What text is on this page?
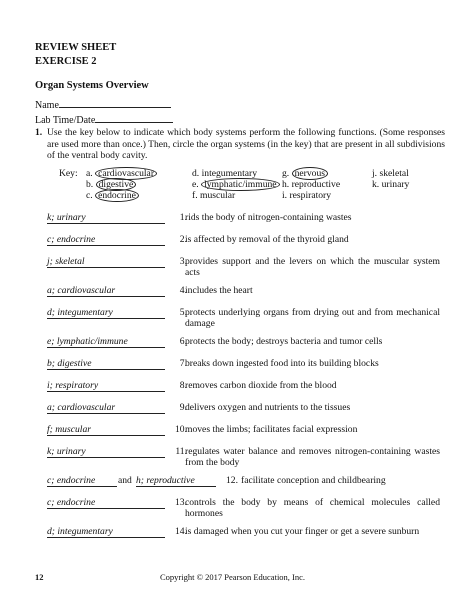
REVIEW SHEET
EXERCISE 2
Organ Systems Overview
Name
Lab Time/Date
1. Use the key below to indicate which body systems perform the following functions. (Some responses are used more than once.) Then, circle the organ systems (in the key) that are present in all subdivisions of the ventral body cavity.
Key: a. cardiovascular
b. digestive
c. endocrine
d. integumentary
e. lymphatic/immune
f. muscular
g. nervous
h. reproductive
i. respiratory
j. skeletal
k. urinary
k; urinary	1.
rids the body of nitrogen-containing wastes
c; endocrine	2.
is affected by removal of the thyroid gland
j; skeletal	3.
provides support and the levers on which the muscular system acts
a; cardiovascular	4.
includes the heart
d; integumentary	5.
protects underlying organs from drying out and from mechanical damage
e; lymphatic/immune	6.
protects the body; destroys bacteria and tumor cells
b; digestive	7.
breaks down ingested food into its building blocks
i; respiratory	8.
removes carbon dioxide from the blood
a; cardiovascular	9.
delivers oxygen and nutrients to the tissues
f; muscular	10.
moves the limbs; facilitates facial expression
k; urinary	11.
regulates water balance and removes nitrogen-containing wastes from the body
c; endocrine	and h; reproductive	12. facilitate conception and childbearing
c; endocrine	13.
controls the body by means of chemical molecules called hormones
d; integumentary	14.
is damaged when you cut your finger or get a severe sunburn
12	Copyright © 2017 Pearson Education, Inc.
